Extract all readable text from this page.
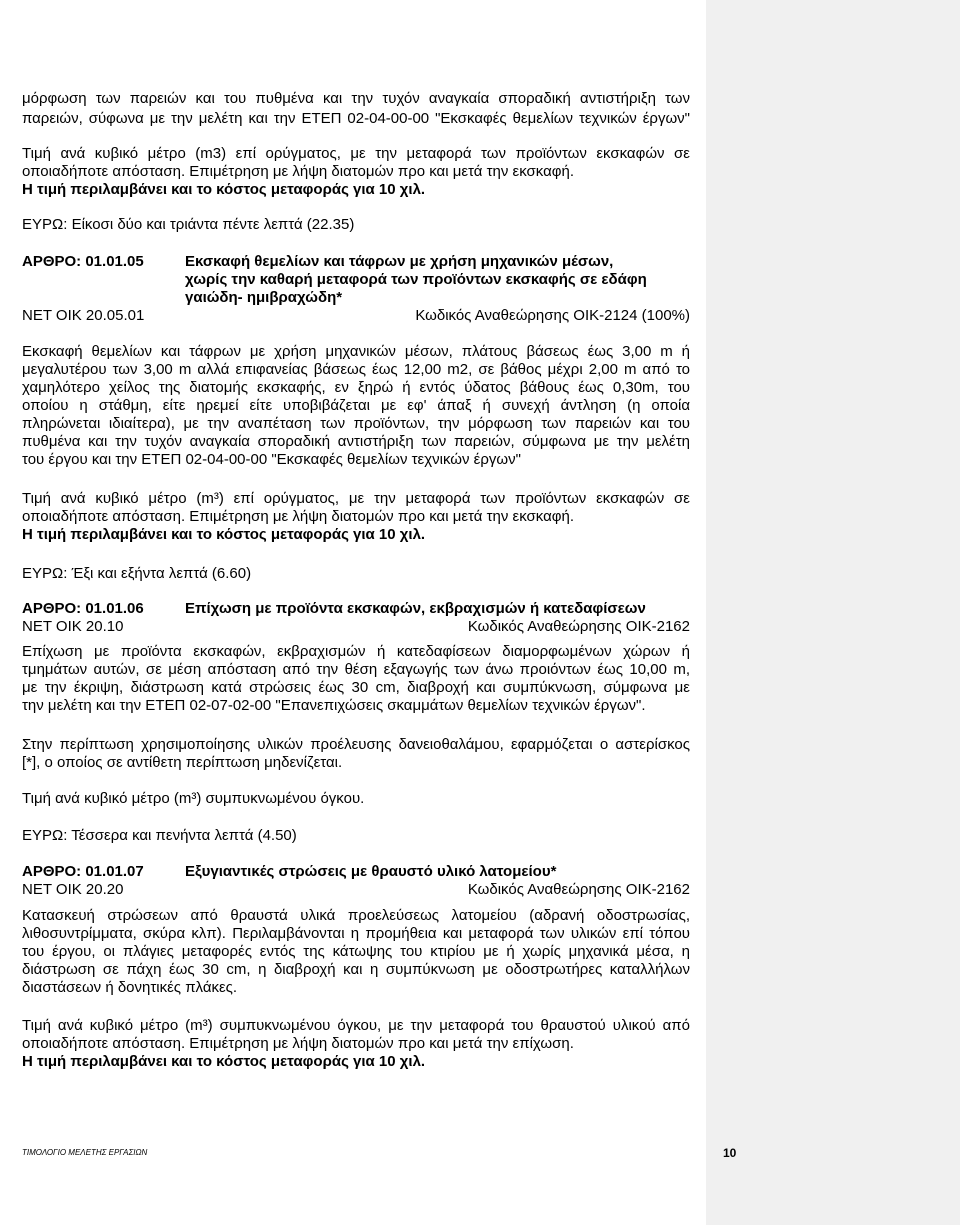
μόρφωση των παρειών και του πυθμένα και την τυχόν αναγκαία σποραδική αντιστήριξη των
παρειών, σύφωνα με την μελέτη και την ΕΤΕΠ 02-04-00-00 "Εκσκαφές θεμελίων τεχνικών έργων"
Τιμή ανά κυβικό μέτρο (m3) επί ορύγματος, με την μεταφορά των προϊόντων εκσκαφών σε
οποιαδήποτε απόσταση. Επιμέτρηση με λήψη διατομών προ και μετά την εκσκαφή.
Η τιμή περιλαμβάνει και το κόστος μεταφοράς για 10 χιλ.
ΕΥΡΩ: Είκοσι δύο και τριάντα πέντε λεπτά (22.35)
ΑΡΘΡΟ: 01.01.05	Εκσκαφή θεμελίων και τάφρων με χρήση μηχανικών μέσων,
χωρίς την καθαρή μεταφορά των προϊόντων εκσκαφής σε εδάφη
γαιώδη- ημιβραχώδη*
ΝΕΤ ΟΙΚ 20.05.01	Κωδικός Αναθεώρησης ΟΙΚ-2124 (100%)
Εκσκαφή θεμελίων και τάφρων με χρήση μηχανικών μέσων, πλάτους βάσεως έως 3,00 m ή
μεγαλυτέρου των 3,00 m αλλά επιφανείας βάσεως έως 12,00 m2, σε βάθος μέχρι 2,00 m από το
χαμηλότερο χείλος της διατομής εκσκαφής, εν ξηρώ ή εντός ύδατος βάθους έως 0,30m, του
οποίου η στάθμη, είτε ηρεμεί είτε υποβιβάζεται με εφ' άπαξ ή συνεχή άντληση (η οποία
πληρώνεται ιδιαίτερα), με την αναπέταση των προϊόντων, την μόρφωση των παρειών και του
πυθμένα και την τυχόν αναγκαία σποραδική αντιστήριξη των παρειών, σύμφωνα με την μελέτη
του έργου και την ΕΤΕΠ 02-04-00-00 "Εκσκαφές θεμελίων τεχνικών έργων"
Τιμή ανά κυβικό μέτρο (m³) επί ορύγματος, με την μεταφορά των προϊόντων εκσκαφών σε
οποιαδήποτε απόσταση. Επιμέτρηση με λήψη διατομών προ και μετά την εκσκαφή.
Η τιμή περιλαμβάνει και το κόστος μεταφοράς για 10 χιλ.
ΕΥΡΩ: Έξι και εξήντα λεπτά (6.60)
ΑΡΘΡΟ: 01.01.06	Επίχωση με προϊόντα εκσκαφών, εκβραχισμών ή κατεδαφίσεων
ΝΕΤ ΟΙΚ 20.10	Κωδικός Αναθεώρησης ΟΙΚ-2162
Επίχωση με προϊόντα εκσκαφών, εκβραχισμών ή κατεδαφίσεων διαμορφωμένων χώρων ή
τμημάτων αυτών, σε μέση απόσταση από την θέση εξαγωγής των άνω προιόντων έως 10,00 m,
με την έκριψη, διάστρωση κατά στρώσεις έως 30 cm, διαβροχή και συμπύκνωση, σύμφωνα με
την μελέτη και την ΕΤΕΠ 02-07-02-00 "Επανεπιχώσεις σκαμμάτων θεμελίων τεχνικών έργων".
Στην περίπτωση χρησιμοποίησης υλικών προέλευσης δανειοθαλάμου, εφαρμόζεται ο αστερίσκος
[*], ο οποίος σε αντίθετη περίπτωση μηδενίζεται.
Τιμή ανά κυβικό μέτρο (m³) συμπυκνωμένου όγκου.
ΕΥΡΩ: Τέσσερα και πενήντα λεπτά (4.50)
ΑΡΘΡΟ: 01.01.07	Εξυγιαντικές στρώσεις με θραυστό υλικό λατομείου*
ΝΕΤ ΟΙΚ 20.20	Κωδικός Αναθεώρησης ΟΙΚ-2162
Κατασκευή στρώσεων από θραυστά υλικά προελεύσεως λατομείου (αδρανή οδοστρωσίας,
λιθοσυντρίμματα, σκύρα κλπ). Περιλαμβάνονται η προμήθεια και μεταφορά των υλικών επί τόπου
του έργου, οι πλάγιες μεταφορές εντός της κάτωψης του κτιρίου με ή χωρίς μηχανικά μέσα, η
διάστρωση σε πάχη έως 30 cm, η διαβροχή και η συμπύκνωση με οδοστρωτήρες καταλλήλων
διαστάσεων ή δονητικές πλάκες.
Τιμή ανά κυβικό μέτρο (m³) συμπυκνωμένου όγκου, με την μεταφορά του θραυστού υλικού από
οποιαδήποτε απόσταση. Επιμέτρηση με λήψη διατομών προ και μετά την επίχωση.
Η τιμή περιλαμβάνει και το κόστος μεταφοράς για 10 χιλ.
ΤΙΜΟΛΟΓΙΟ ΜΕΛΕΤΗΣ ΕΡΓΑΣΙΩΝ	10
